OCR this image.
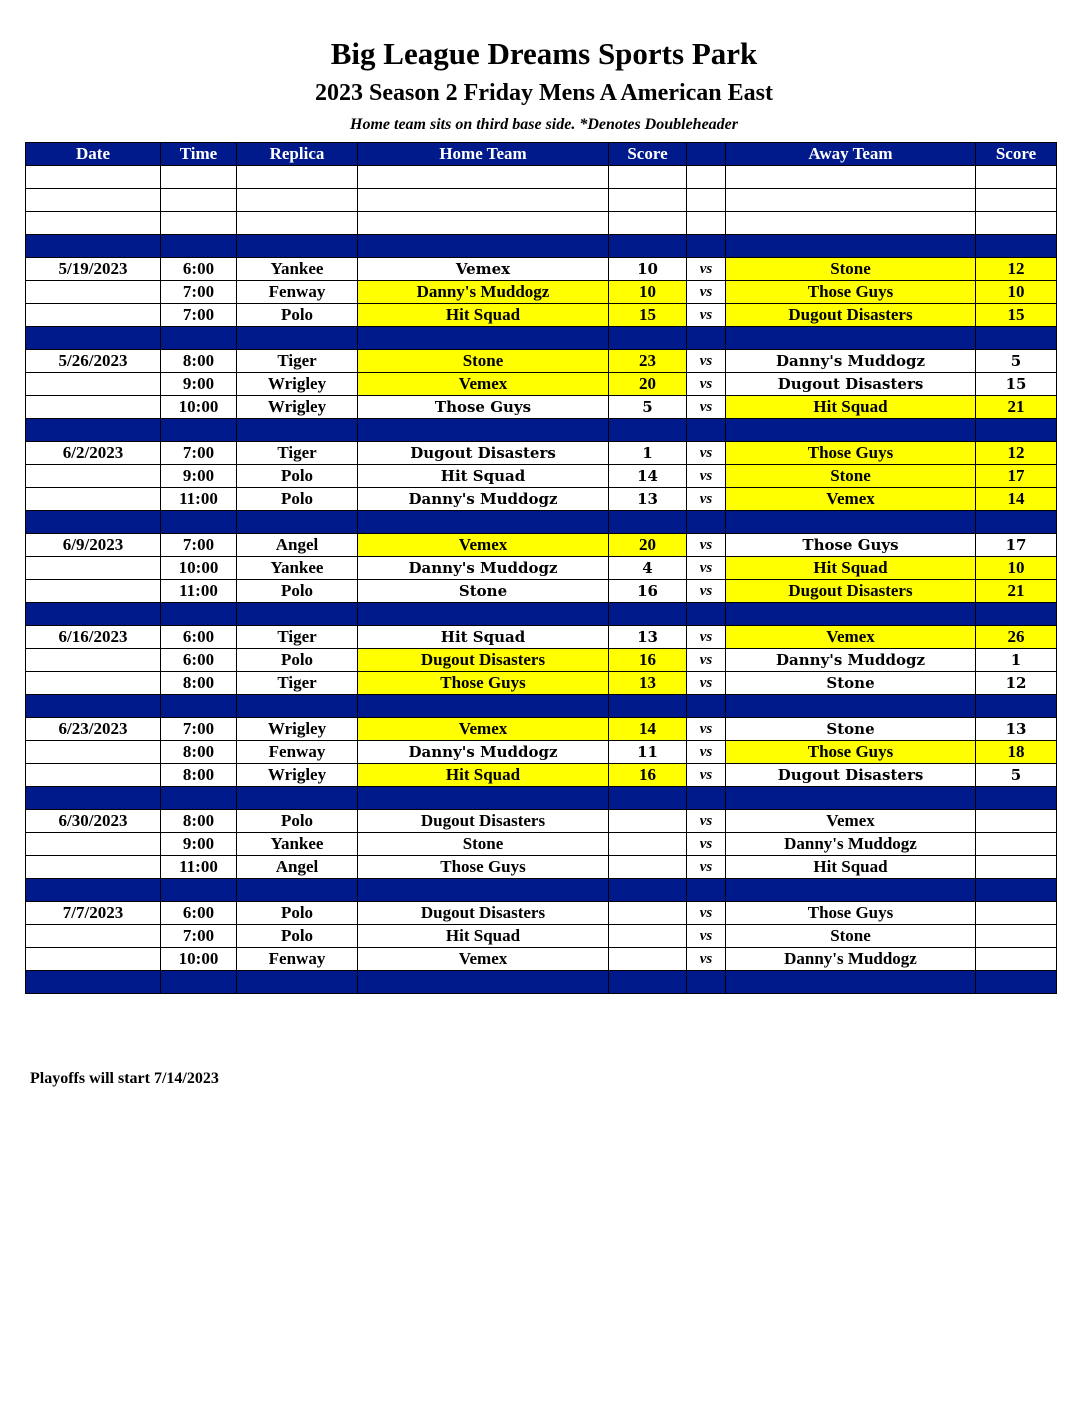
Big League Dreams Sports Park
2023 Season 2 Friday Mens A American East
Home team sits on third base side. *Denotes Doubleheader
Date	Time	Replica	Home Team	Score		Away Team	Score

5/19/2023	6:00	Yankee	Vemex	10	vs	Stone	12
	7:00	Fenway	Danny's Muddogz	10	vs	Those Guys	10
	7:00	Polo	Hit Squad	15	vs	Dugout Disasters	15

5/26/2023	8:00	Tiger	Stone	23	vs	Danny's Muddogz	5
	9:00	Wrigley	Vemex	20	vs	Dugout Disasters	15
	10:00	Wrigley	Those Guys	5	vs	Hit Squad	21

6/2/2023	7:00	Tiger	Dugout Disasters	1	vs	Those Guys	12
	9:00	Polo	Hit Squad	14	vs	Stone	17
	11:00	Polo	Danny's Muddogz	13	vs	Vemex	14

6/9/2023	7:00	Angel	Vemex	20	vs	Those Guys	17
	10:00	Yankee	Danny's Muddogz	4	vs	Hit Squad	10
	11:00	Polo	Stone	16	vs	Dugout Disasters	21

6/16/2023	6:00	Tiger	Hit Squad	13	vs	Vemex	26
	6:00	Polo	Dugout Disasters	16	vs	Danny's Muddogz	1
	8:00	Tiger	Those Guys	13	vs	Stone	12

6/23/2023	7:00	Wrigley	Vemex	14	vs	Stone	13
	8:00	Fenway	Danny's Muddogz	11	vs	Those Guys	18
	8:00	Wrigley	Hit Squad	16	vs	Dugout Disasters	5

6/30/2023	8:00	Polo	Dugout Disasters		vs	Vemex	
	9:00	Yankee	Stone		vs	Danny's Muddogz	
	11:00	Angel	Those Guys		vs	Hit Squad	

7/7/2023	6:00	Polo	Dugout Disasters		vs	Those Guys	
	7:00	Polo	Hit Squad		vs	Stone	
	10:00	Fenway	Vemex		vs	Danny's Muddogz	

Playoffs will start 7/14/2023
